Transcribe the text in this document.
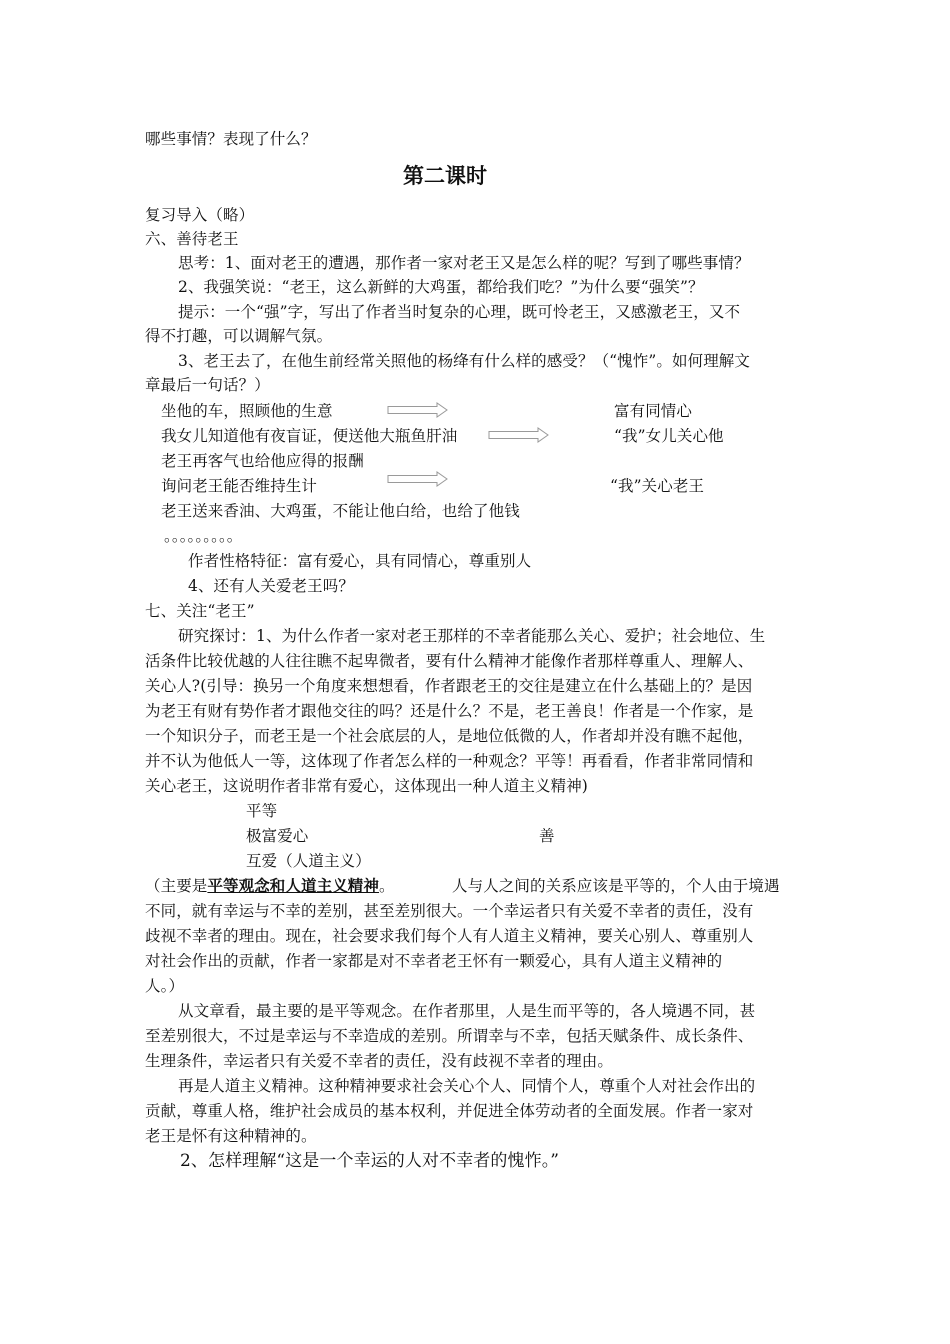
哪些事情？表现了什么？
第二课时
复习导入（略）
六、善待老王
思考：1、面对老王的遭遇，那作者一家对老王又是怎么样的呢？写到了哪些事情？
2、我强笑说：“老王，这么新鲜的大鸡蛋，都给我们吃？”为什么要“强笑”？
提示：一个“强”字，写出了作者当时复杂的心理，既可怜老王，又感激老王，又不
得不打趣，可以调解气氛。
3、老王去了，在他生前经常关照他的杨绛有什么样的感受？（“愧怍”。如何理解文
章最后一句话？）
坐他的车，照顾他的生意
我女儿知道他有夜盲证，便送他大瓶鱼肝油
老王再客气也给他应得的报酬
询问老王能否维持生计
老王送来香油、大鸡蛋，不能让他白给，也给了他钱
。。。。。。。。。
富有同情心
“我”女儿关心他
“我”关心老王
作者性格特征：富有爱心，具有同情心，尊重别人
4、还有人关爱老王吗？
七、关注“老王”
研究探讨：1、为什么作者一家对老王那样的不幸者能那么关心、爱护；社会地位、生
活条件比较优越的人往往瞧不起卑微者，要有什么精神才能像作者那样尊重人、理解人、
关心人?(引导：换另一个角度来想想看，作者跟老王的交往是建立在什么基础上的？是因
为老王有财有势作者才跟他交往的吗？还是什么？不是，老王善良！作者是一个作家，是
一个知识分子，而老王是一个社会底层的人，是地位低微的人，作者却并没有瞧不起他，
并不认为他低人一等，这体现了作者怎么样的一种观念？平等！再看看，作者非常同情和
关心老王，这说明作者非常有爱心，这体现出一种人道主义精神)
平等
极富爱心	善
互爱（人道主义）
（主要是平等观念和人道主义精神。	人与人之间的关系应该是平等的，个人由于境遇
不同，就有幸运与不幸的差别，甚至差别很大。一个幸运者只有关爱不幸者的责任，没有
歧视不幸者的理由。现在，社会要求我们每个人有人道主义精神，要关心别人、尊重别人
对社会作出的贡献，作者一家都是对不幸者老王怀有一颗爱心，具有人道主义精神的
人。）
从文章看，最主要的是平等观念。在作者那里，人是生而平等的，各人境遇不同，甚
至差别很大，不过是幸运与不幸造成的差别。所谓幸与不幸，包括天赋条件、成长条件、
生理条件，幸运者只有关爱不幸者的责任，没有歧视不幸者的理由。
再是人道主义精神。这种精神要求社会关心个人、同情个人，尊重个人对社会作出的
贡献，尊重人格，维护社会成员的基本权利，并促进全体劳动者的全面发展。作者一家对
老王是怀有这种精神的。
2、怎样理解“这是一个幸运的人对不幸者的愧怍。”
